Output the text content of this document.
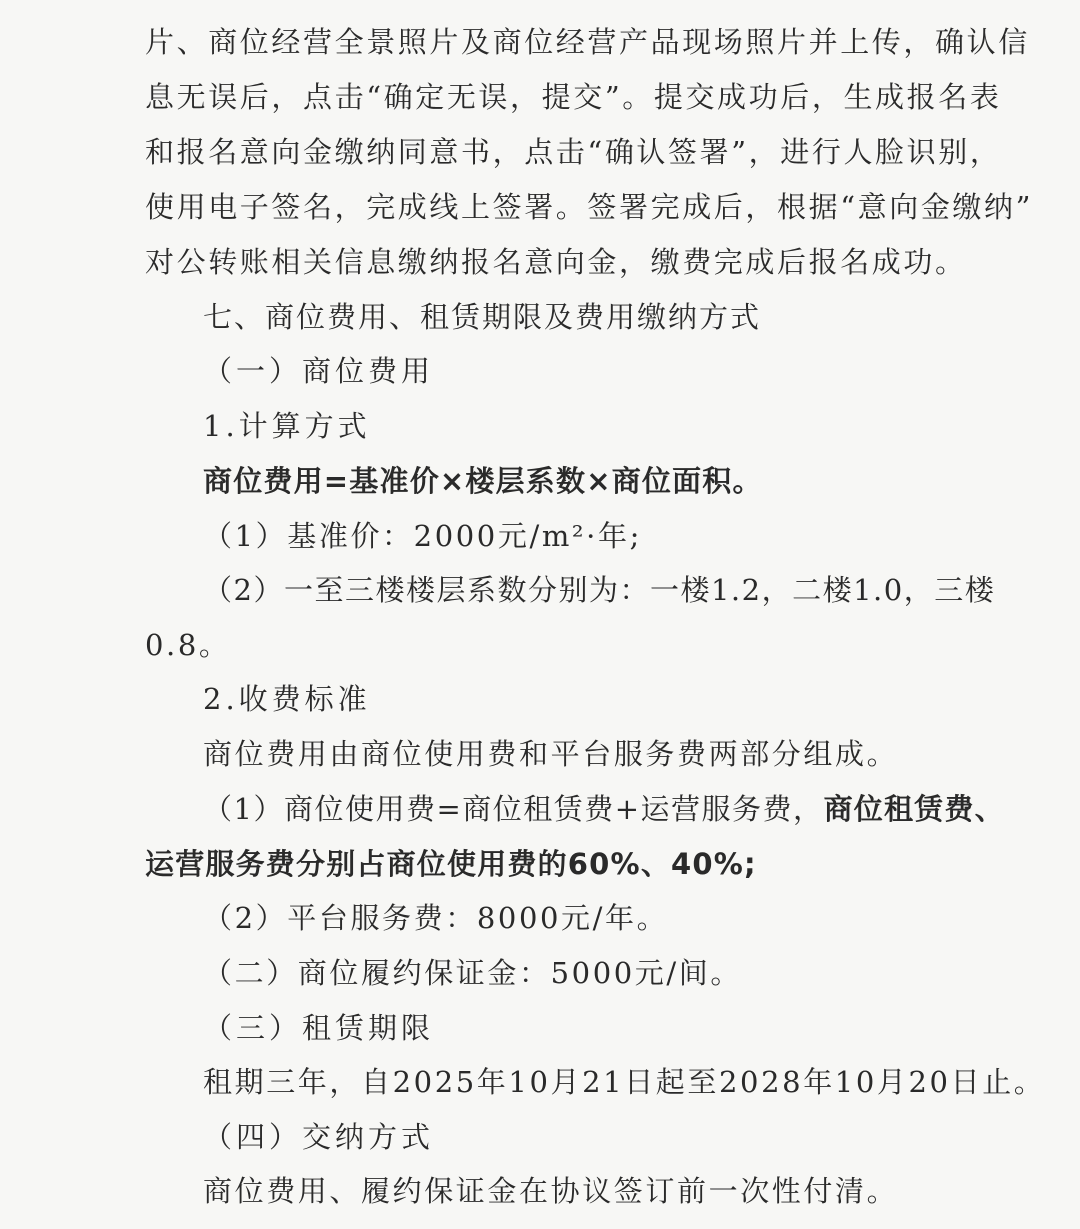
片、商位经营全景照片及商位经营产品现场照片并上传，确认信
息无误后，点击“确定无误，提交”。提交成功后，生成报名表
和报名意向金缴纳同意书，点击“确认签署”，进行人脸识别，
使用电子签名，完成线上签署。签署完成后，根据“意向金缴纳”
对公转账相关信息缴纳报名意向金，缴费完成后报名成功。
七、商位费用、租赁期限及费用缴纳方式
（一）商位费用
1.计算方式
商位费用=基准价×楼层系数×商位面积。
（1）基准价：2000元/m²·年;
（2）一至三楼楼层系数分别为：一楼1.2，二楼1.0，三楼
0.8。
2.收费标准
商位费用由商位使用费和平台服务费两部分组成。
（1）商位使用费=商位租赁费+运营服务费，商位租赁费、
运营服务费分别占商位使用费的60%、40%;
（2）平台服务费：8000元/年。
（二）商位履约保证金：5000元/间。
（三）租赁期限
租期三年，自2025年10月21日起至2028年10月20日止。
（四）交纳方式
商位费用、履约保证金在协议签订前一次性付清。
